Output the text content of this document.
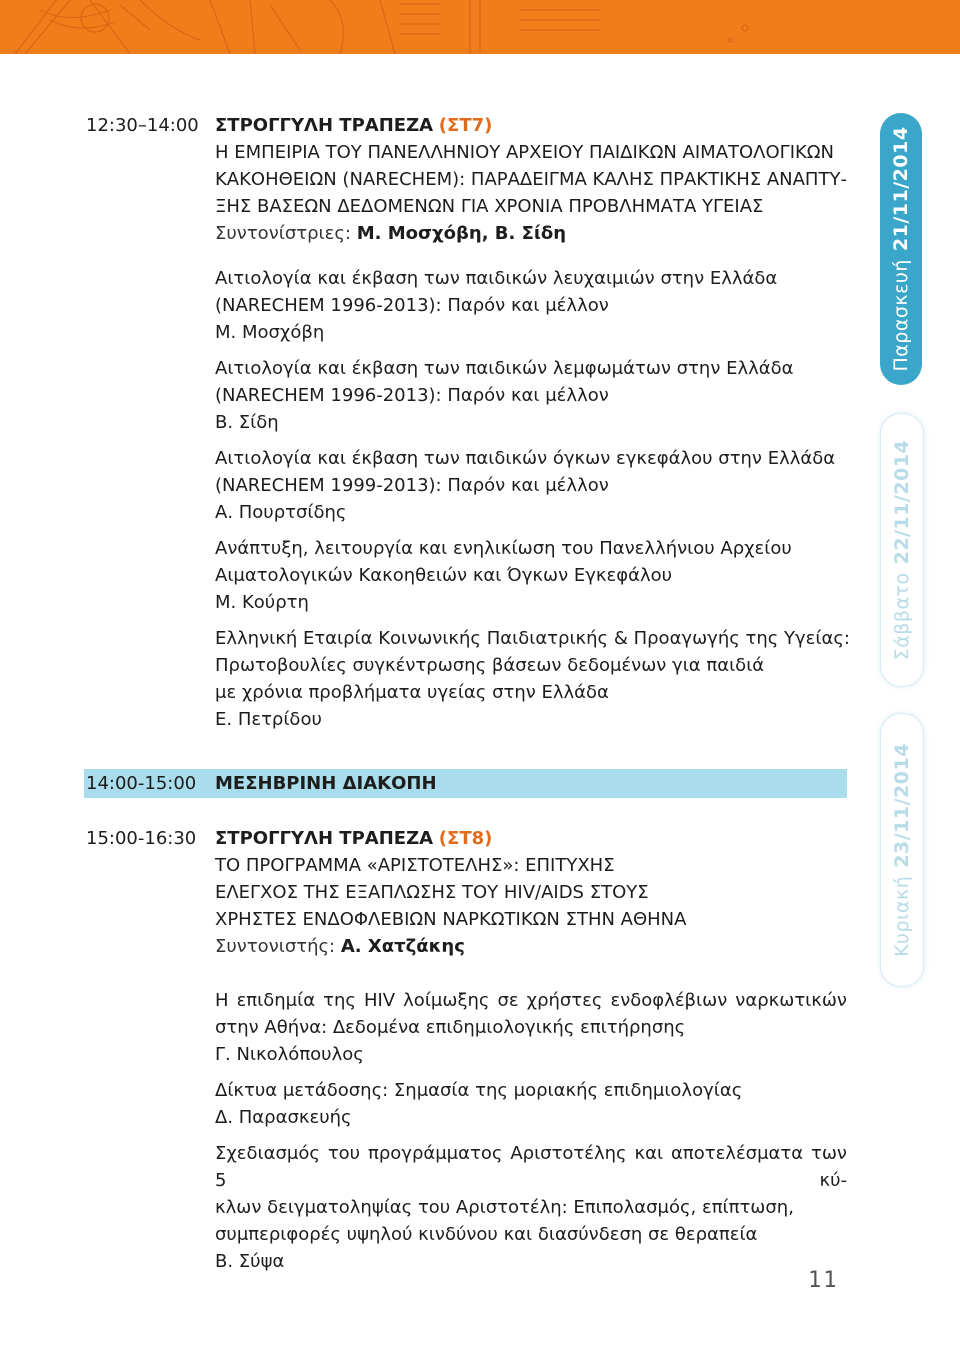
12:30–14:00 ΣΤΡΟΓΓΥΛΗ ΤΡΑΠΕΖΑ (ΣΤ7)
Η ΕΜΠΕΙΡΙΑ ΤΟΥ ΠΑΝΕΛΛΗΝΙΟΥ ΑΡΧΕΙΟΥ ΠΑΙΔΙΚΩΝ ΑΙΜΑΤΟΛΟΓΙΚΩΝ
ΚΑΚΟΗΘΕΙΩΝ (NARECHEM): ΠΑΡΑΔΕΙΓΜΑ ΚΑΛΗΣ ΠΡΑΚΤΙΚΗΣ ΑΝΑΠΤΥ-
ΞΗΣ ΒΑΣΕΩΝ ΔΕΔΟΜΕΝΩΝ ΓΙΑ ΧΡΟΝΙΑ ΠΡΟΒΛΗΜΑΤΑ ΥΓΕΙΑΣ
Συντονίστριες: Μ. Μοσχόβη, Β. Σίδη
Αιτιολογία και έκβαση των παιδικών λευχαιμιών στην Ελλάδα
(NARECHEM 1996-2013): Παρόν και μέλλον
Μ. Μοσχόβη
Αιτιολογία και έκβαση των παιδικών λεμφωμάτων στην Ελλάδα
(NARECHEM 1996-2013): Παρόν και μέλλον
Β. Σίδη
Αιτιολογία και έκβαση των παιδικών όγκων εγκεφάλου στην Ελλάδα
(NARECHEM 1999-2013): Παρόν και μέλλον
Α. Πουρτσίδης
Ανάπτυξη, λειτουργία και ενηλικίωση του Πανελλήνιου Αρχείου
Αιματολογικών Κακοηθειών και Όγκων Εγκεφάλου
Μ. Κούρτη
Ελληνική Εταιρία Κοινωνικής Παιδιατρικής & Προαγωγής της Υγείας:
Πρωτοβουλίες συγκέντρωσης βάσεων δεδομένων για παιδιά
με χρόνια προβλήματα υγείας στην Ελλάδα
Ε. Πετρίδου
14:00-15:00 ΜΕΣΗΒΡΙΝΗ ΔΙΑΚΟΠΗ
15:00-16:30 ΣΤΡΟΓΓΥΛΗ ΤΡΑΠΕΖΑ (ΣΤ8)
ΤΟ ΠΡΟΓΡΑΜΜΑ «ΑΡΙΣΤΟΤΕΛΗΣ»: ΕΠΙΤΥΧΗΣ
ΕΛΕΓΧΟΣ ΤΗΣ ΕΞΑΠΛΩΣΗΣ ΤΟΥ HIV/AIDS ΣΤΟΥΣ
ΧΡΗΣΤΕΣ ΕΝΔΟΦΛΕΒΙΩΝ ΝΑΡΚΩΤΙΚΩΝ ΣΤΗΝ ΑΘΗΝΑ
Συντονιστής: Α. Χατζάκης
Η επιδημία της HIV λοίμωξης σε χρήστες ενδοφλέβιων ναρκωτικών
στην Αθήνα: Δεδομένα επιδημιολογικής επιτήρησης
Γ. Νικολόπουλος
Δίκτυα μετάδοσης: Σημασία της μοριακής επιδημιολογίας
Δ. Παρασκευής
Σχεδιασμός του προγράμματος Αριστοτέλης και αποτελέσματα των 5 κύ-
κλων δειγματοληψίας του Αριστοτέλη: Επιπολασμός, επίπτωση,
συμπεριφορές υψηλού κινδύνου και διασύνδεση σε θεραπεία
Β. Σύψα
Παρασκευή21/11/2014
Σάββατο22/11/2014
Κυριακή23/11/2014
11
